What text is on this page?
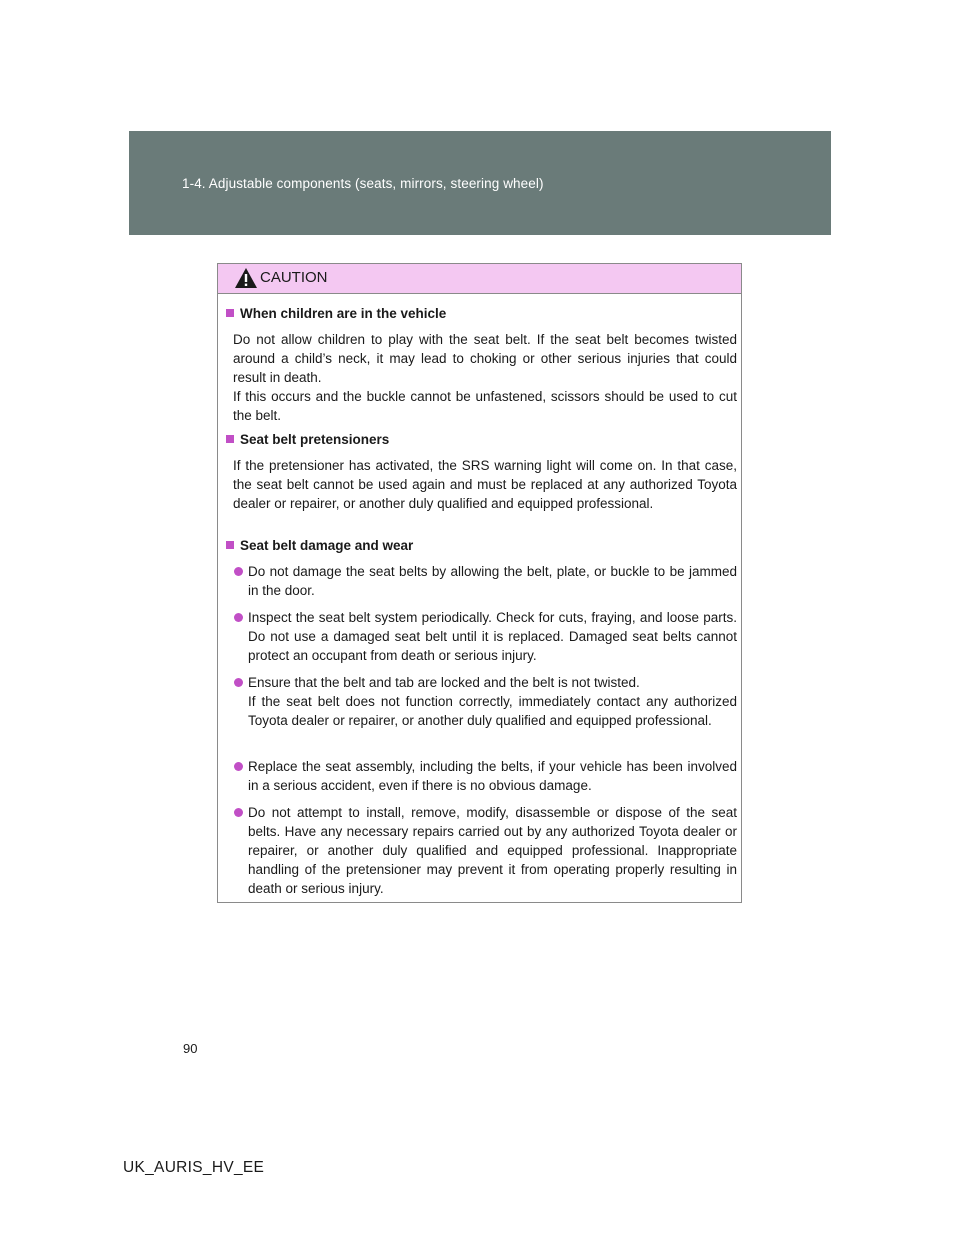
1-4. Adjustable components (seats, mirrors, steering wheel)
CAUTION
When children are in the vehicle
Do not allow children to play with the seat belt. If the seat belt becomes twisted around a child’s neck, it may lead to choking or other serious injuries that could result in death.
If this occurs and the buckle cannot be unfastened, scissors should be used to cut the belt.
Seat belt pretensioners
If the pretensioner has activated, the SRS warning light will come on. In that case, the seat belt cannot be used again and must be replaced at any authorized Toyota dealer or repairer, or another duly qualified and equipped professional.
Seat belt damage and wear
Do not damage the seat belts by allowing the belt, plate, or buckle to be jammed in the door.
Inspect the seat belt system periodically. Check for cuts, fraying, and loose parts. Do not use a damaged seat belt until it is replaced. Damaged seat belts cannot protect an occupant from death or serious injury.
Ensure that the belt and tab are locked and the belt is not twisted.
If the seat belt does not function correctly, immediately contact any authorized Toyota dealer or repairer, or another duly qualified and equipped professional.
Replace the seat assembly, including the belts, if your vehicle has been involved in a serious accident, even if there is no obvious damage.
Do not attempt to install, remove, modify, disassemble or dispose of the seat belts. Have any necessary repairs carried out by any authorized Toyota dealer or repairer, or another duly qualified and equipped professional. Inappropriate handling of the pretensioner may prevent it from operating properly resulting in death or serious injury.
90
UK_AURIS_HV_EE
